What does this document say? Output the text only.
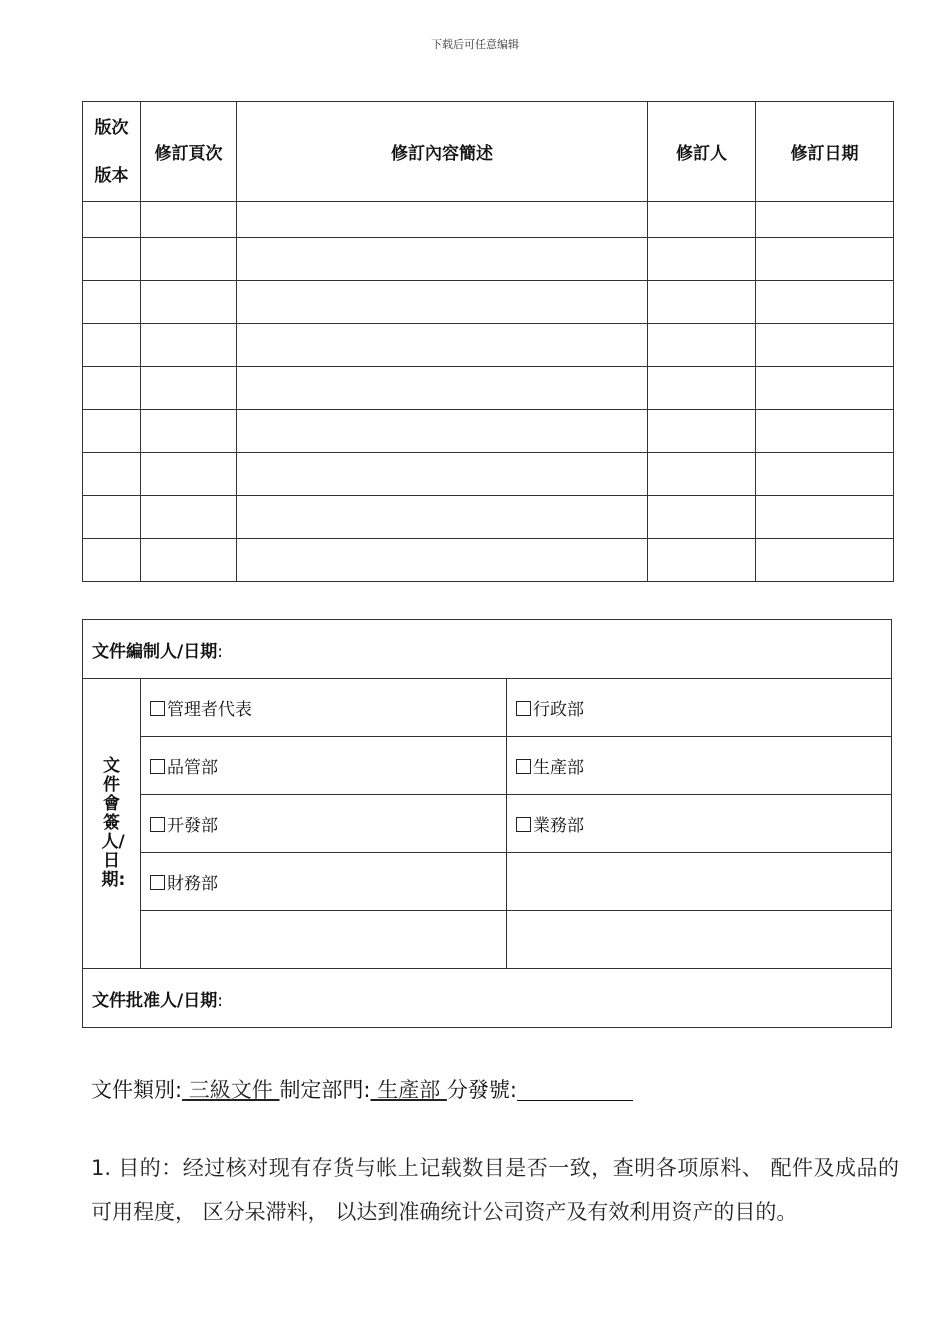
下载后可任意编辑
版次
版本	修訂頁次	修訂內容簡述	修訂人	修訂日期

文件編制人/日期:		
文件會簽人/日期:	管理者代表	行政部
	品管部	生產部
	开發部	業務部
	財務部	

文件批准人/日期:		
文件類別: 三級文件 制定部門: 生產部 分發號:
1. 目的：经过核对现有存货与帐上记载数目是否一致，查明各项原料、 配件及成品的可用程度， 区分呆滞料， 以达到准确统计公司资产及有效利用资产的目的。
